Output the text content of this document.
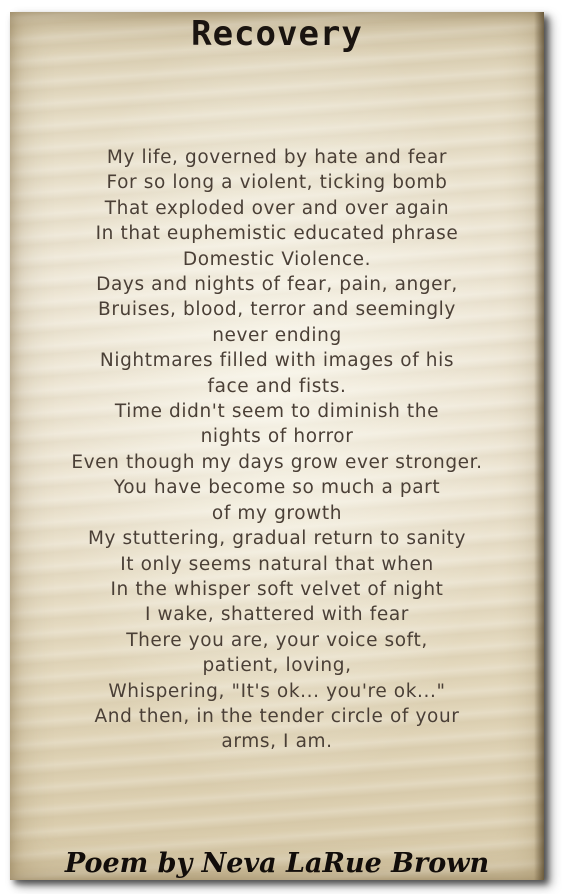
Recovery
My life, governed by hate and fear
For so long a violent, ticking bomb
That exploded over and over again
In that euphemistic educated phrase
Domestic Violence.
Days and nights of fear, pain, anger,
Bruises, blood, terror and seemingly
never ending
Nightmares filled with images of his
face and fists.
Time didn't seem to diminish the
nights of horror
Even though my days grow ever stronger.
You have become so much a part
of my growth
My stuttering, gradual return to sanity
It only seems natural that when
In the whisper soft velvet of night
I wake, shattered with fear
There you are, your voice soft,
patient, loving,
Whispering, "It's ok... you're ok..."
And then, in the tender circle of your
arms, I am.

Poem by Neva LaRue Brown
